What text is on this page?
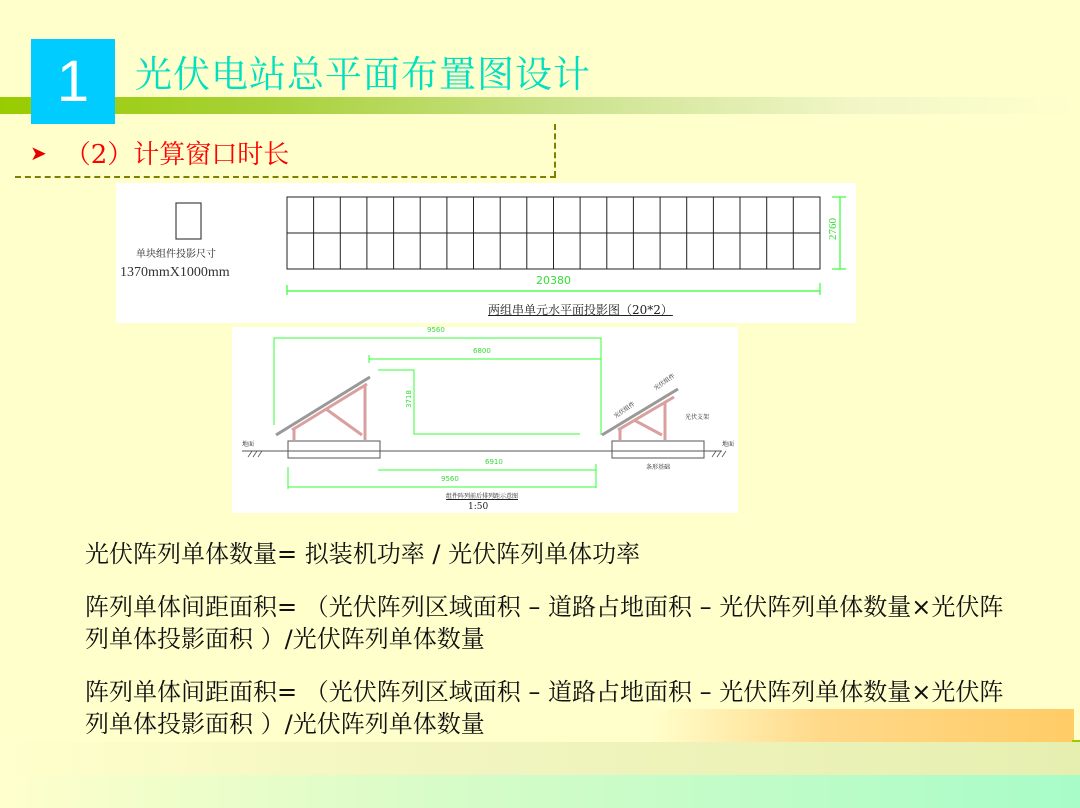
1 光伏电站总平面布置图设计
➤ （2）计算窗口时长
单块组件投影尺寸
1370mmX1000mm
20380
2760
两组串单元水平面投影图（20*2）
9560
6800
3718
6910
9560
地面	地面
光伏组件
光伏组件
光伏支架
条形基础
组件阵列前后排列距示意图
1:50
光伏阵列单体数量= 拟装机功率 / 光伏阵列单体功率
阵列单体间距面积= （光伏阵列区域面积 – 道路占地面积 – 光伏阵列单体数量×光伏阵列单体投影面积 ）/光伏阵列单体数量
阵列单体间距面积= （光伏阵列区域面积 – 道路占地面积 – 光伏阵列单体数量×光伏阵列单体投影面积 ）/光伏阵列单体数量
